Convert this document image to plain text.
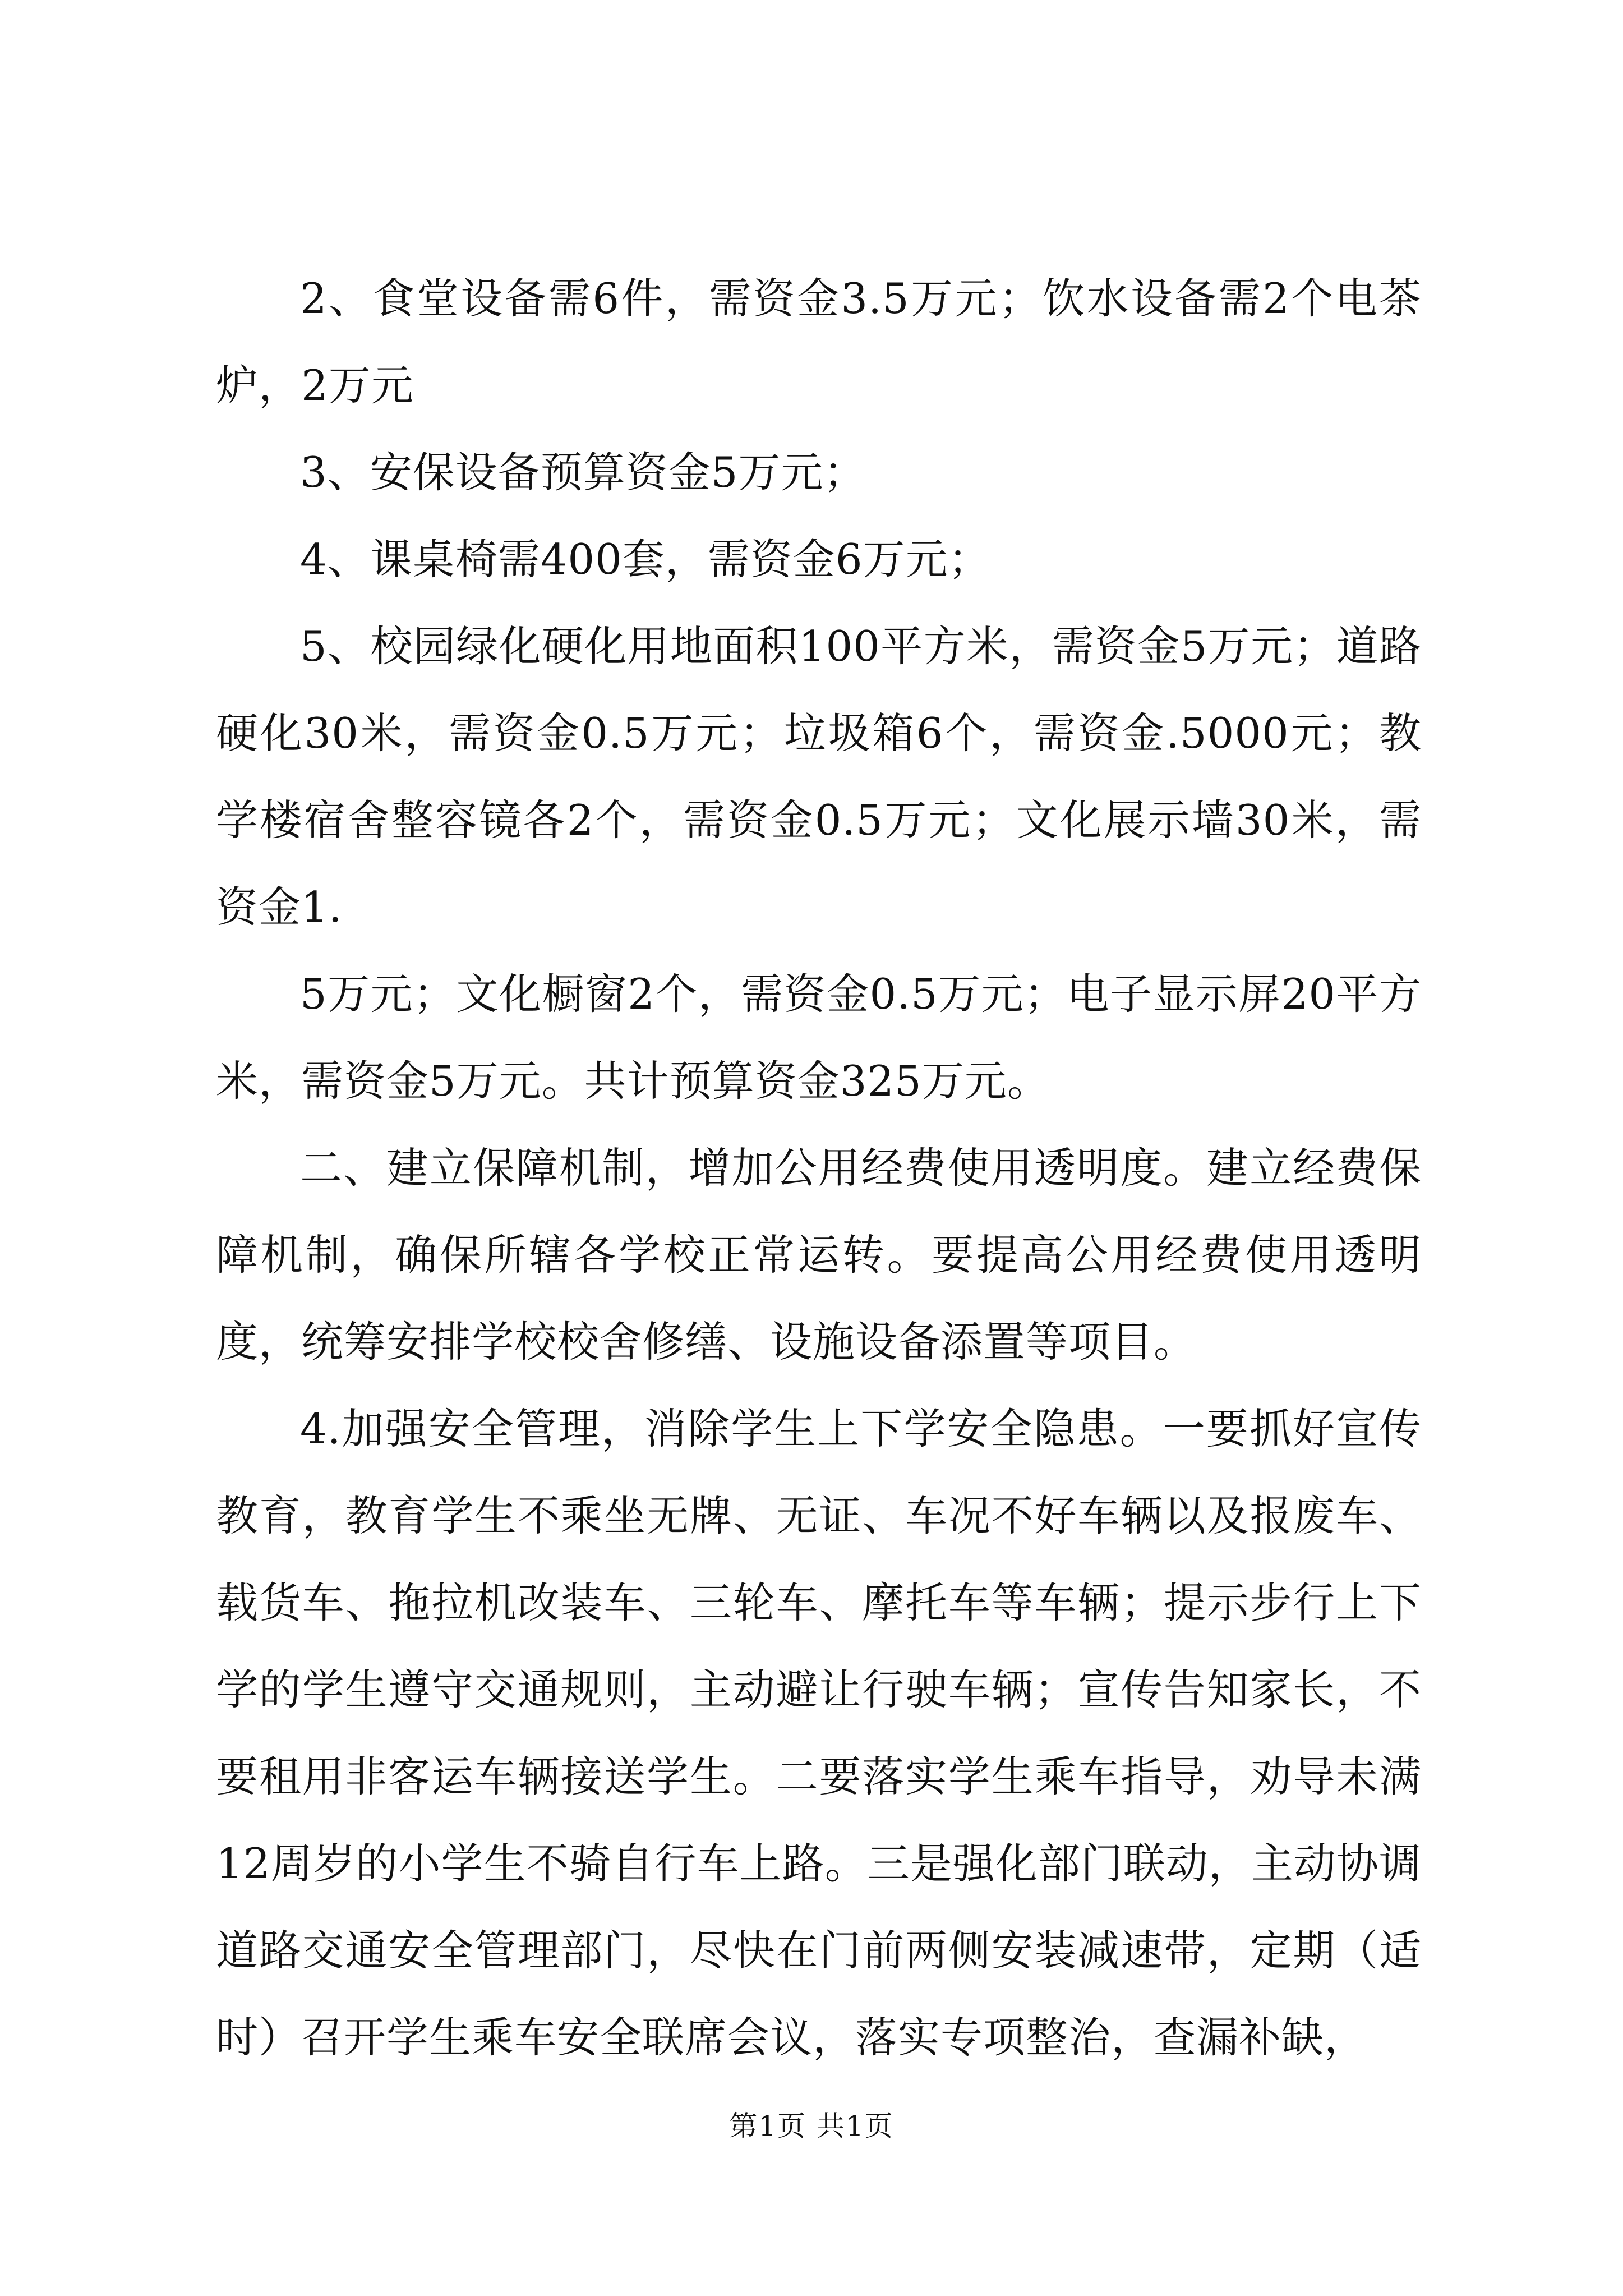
2、食堂设备需6件，需资金3.5万元；饮水设备需2个电茶炉，2万元

3、安保设备预算资金5万元；

4、课桌椅需400套，需资金6万元；

5、校园绿化硬化用地面积100平方米，需资金5万元；道路硬化30米，需资金0.5万元；垃圾箱6个，需资金.5000元；教学楼宿舍整容镜各2个，需资金0.5万元；文化展示墙30米，需资金1.

5万元；文化橱窗2个，需资金0.5万元；电子显示屏20平方米，需资金5万元。共计预算资金325万元。

二、建立保障机制，增加公用经费使用透明度。建立经费保障机制，确保所辖各学校正常运转。要提高公用经费使用透明度，统筹安排学校校舍修缮、设施设备添置等项目。

4.加强安全管理，消除学生上下学安全隐患。一要抓好宣传教育，教育学生不乘坐无牌、无证、车况不好车辆以及报废车、载货车、拖拉机改装车、三轮车、摩托车等车辆；提示步行上下学的学生遵守交通规则，主动避让行驶车辆；宣传告知家长，不要租用非客运车辆接送学生。二要落实学生乘车指导，劝导未满12周岁的小学生不骑自行车上路。三是强化部门联动，主动协调道路交通安全管理部门，尽快在门前两侧安装减速带，定期（适时）召开学生乘车安全联席会议，落实专项整治，查漏补缺，

第1页 共1页
